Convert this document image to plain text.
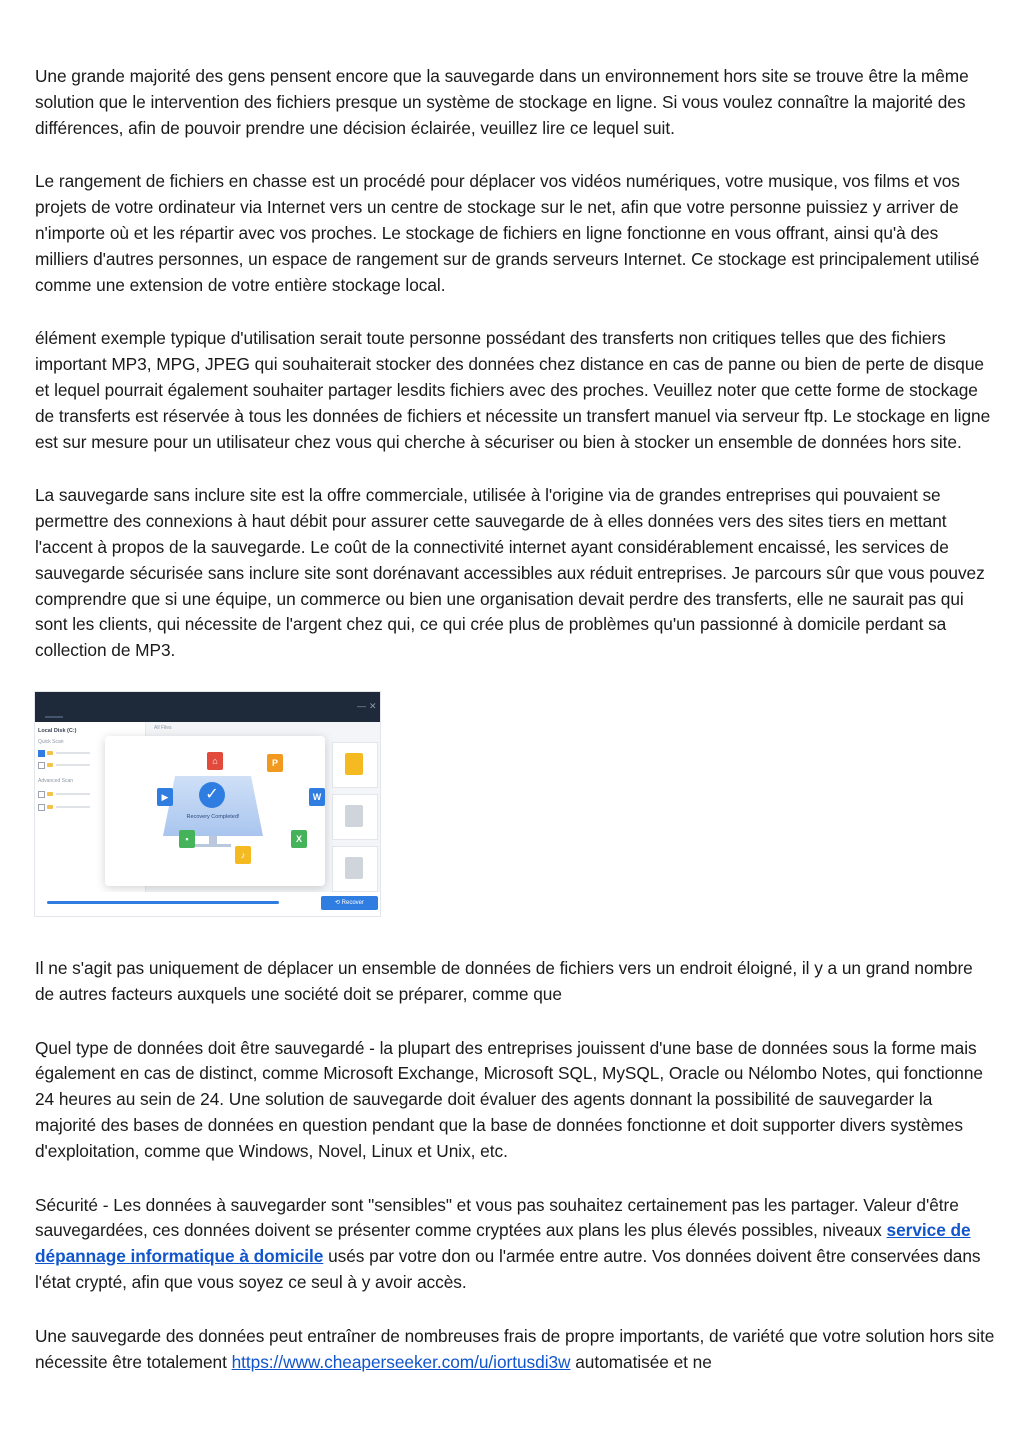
Une grande majorité des gens pensent encore que la sauvegarde dans un environnement hors site se trouve être la même solution que le intervention des fichiers presque un système de stockage en ligne. Si vous voulez connaître la majorité des différences, afin de pouvoir prendre une décision éclairée, veuillez lire ce lequel suit.

Le rangement de fichiers en chasse est un procédé pour déplacer vos vidéos numériques, votre musique, vos films et vos projets de votre ordinateur via Internet vers un centre de stockage sur le net, afin que votre personne puissiez y arriver de n'importe où et les répartir avec vos proches. Le stockage de fichiers en ligne fonctionne en vous offrant, ainsi qu'à des milliers d'autres personnes, un espace de rangement sur de grands serveurs Internet. Ce stockage est principalement utilisé comme une extension de votre entière stockage local.

élément exemple typique d'utilisation serait toute personne possédant des transferts non critiques telles que des fichiers important MP3, MPG, JPEG qui souhaiterait stocker des données chez distance en cas de panne ou bien de perte de disque et lequel pourrait également souhaiter partager lesdits fichiers avec des proches. Veuillez noter que cette forme de stockage de transferts est réservée à tous les données de fichiers et nécessite un transfert manuel via serveur ftp. Le stockage en ligne est sur mesure pour un utilisateur chez vous qui cherche à sécuriser ou bien à stocker un ensemble de données hors site.

La sauvegarde sans inclure site est la offre commerciale, utilisée à l'origine via de grandes entreprises qui pouvaient se permettre des connexions à haut débit pour assurer cette sauvegarde de à elles données vers des sites tiers en mettant l'accent à propos de la sauvegarde. Le coût de la connectivité internet ayant considérablement encaissé, les services de sauvegarde sécurisée sans inclure site sont dorénavant accessibles aux réduit entreprises. Je parcours sûr que vous pouvez comprendre que si une équipe, un commerce ou bien une organisation devait perdre des transferts, elle ne saurait pas qui sont les clients, qui nécessite de l'argent chez qui, ce qui crée plus de problèmes qu'un passionné à domicile perdant sa collection de MP3.

— ✕
Local Disk (C:)
Quick Scan
Advanced Scan
All Files
✓
Recovery Completed!
⌂	P
▶	W
▪	X
♪
⟲ Recover

Il ne s'agit pas uniquement de déplacer un ensemble de données de fichiers vers un endroit éloigné, il y a un grand nombre de autres facteurs auxquels une société doit se préparer, comme que

Quel type de données doit être sauvegardé - la plupart des entreprises jouissent d'une base de données sous la forme mais également en cas de distinct, comme Microsoft Exchange, Microsoft SQL, MySQL, Oracle ou Nélombo Notes, qui fonctionne 24 heures au sein de 24. Une solution de sauvegarde doit évaluer des agents donnant la possibilité de sauvegarder la majorité des bases de données en question pendant que la base de données fonctionne et doit supporter divers systèmes d'exploitation, comme que Windows, Novel, Linux et Unix, etc.

Sécurité - Les données à sauvegarder sont "sensibles" et vous pas souhaitez certainement pas les partager. Valeur d'être sauvegardées, ces données doivent se présenter comme cryptées aux plans les plus élevés possibles, niveaux service de dépannage informatique à domicile usés par votre don ou l'armée entre autre. Vos données doivent être conservées dans l'état crypté, afin que vous soyez ce seul à y avoir accès.

Une sauvegarde des données peut entraîner de nombreuses frais de propre importants, de variété que votre solution hors site nécessite être totalement https://www.cheaperseeker.com/u/iortusdi3w automatisée et ne
